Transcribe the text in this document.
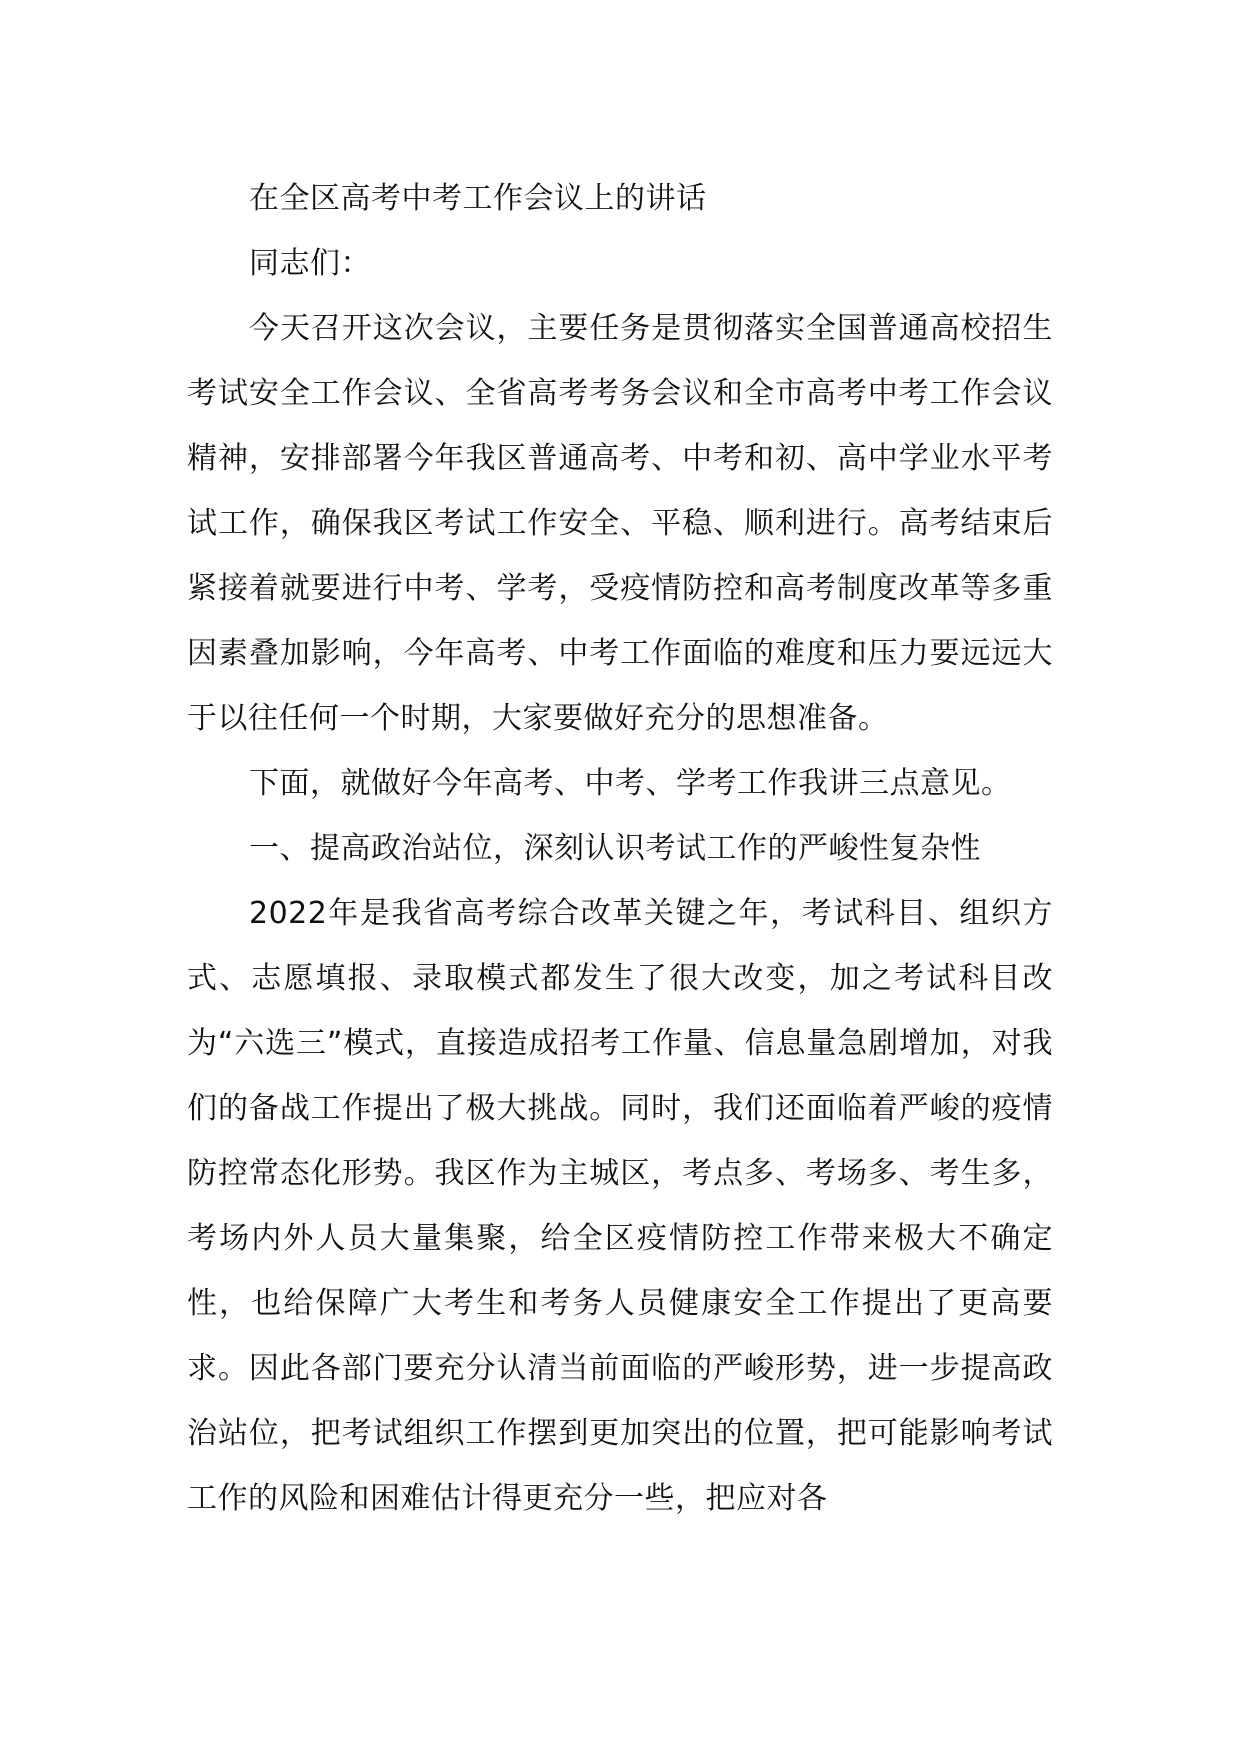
在全区高考中考工作会议上的讲话

同志们：

今天召开这次会议，主要任务是贯彻落实全国普通高校招生考试安全工作会议、全省高考考务会议和全市高考中考工作会议精神，安排部署今年我区普通高考、中考和初、高中学业水平考试工作，确保我区考试工作安全、平稳、顺利进行。高考结束后紧接着就要进行中考、学考，受疫情防控和高考制度改革等多重因素叠加影响，今年高考、中考工作面临的难度和压力要远远大于以往任何一个时期，大家要做好充分的思想准备。

下面，就做好今年高考、中考、学考工作我讲三点意见。

一、提高政治站位，深刻认识考试工作的严峻性复杂性

2022年是我省高考综合改革关键之年，考试科目、组织方式、志愿填报、录取模式都发生了很大改变，加之考试科目改为“六选三”模式，直接造成招考工作量、信息量急剧增加，对我们的备战工作提出了极大挑战。同时，我们还面临着严峻的疫情防控常态化形势。我区作为主城区，考点多、考场多、考生多，考场内外人员大量集聚，给全区疫情防控工作带来极大不确定性，也给保障广大考生和考务人员健康安全工作提出了更高要求。因此各部门要充分认清当前面临的严峻形势，进一步提高政治站位，把考试组织工作摆到更加突出的位置，把可能影响考试工作的风险和困难估计得更充分一些，把应对各
